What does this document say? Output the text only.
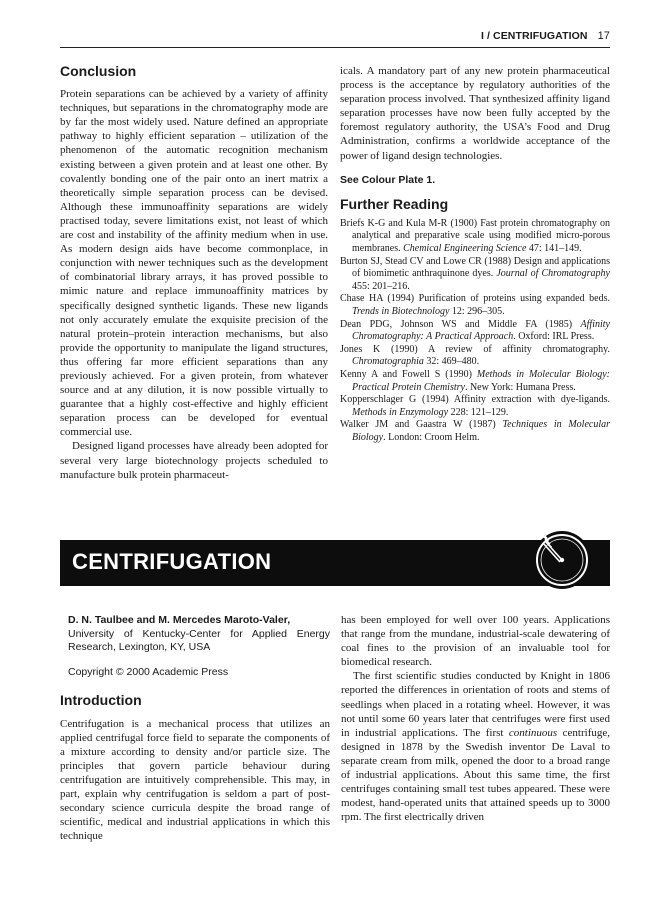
I / CENTRIFUGATION 17
Conclusion

Protein separations can be achieved by a variety of affinity techniques, but separations in the chromatography mode are by far the most widely used. Nature defined an appropriate pathway to highly efficient separation – utilization of the phenomenon of the automatic recognition mechanism existing between a given protein and at least one other. By covalently bonding one of the pair onto an inert matrix a theoretically simple separation process can be devised. Although these immunoaffinity separations are widely practised today, severe limitations exist, not least of which are cost and instability of the affinity medium when in use. As modern design aids have become commonplace, in conjunction with newer techniques such as the development of combinatorial library arrays, it has proved possible to mimic nature and replace immunoaffinity matrices by specifically designed synthetic ligands. These new ligands not only accurately emulate the exquisite precision of the natural protein–protein interaction mechanisms, but also provide the opportunity to manipulate the ligand structures, thus offering far more efficient separations than any previously achieved. For a given protein, from whatever source and at any dilution, it is now possible virtually to guarantee that a highly cost-effective and highly efficient separation process can be developed for eventual commercial use.

Designed ligand processes have already been adopted for several very large biotechnology projects scheduled to manufacture bulk protein pharmaceut-

icals. A mandatory part of any new protein pharmaceutical process is the acceptance by regulatory authorities of the separation process involved. That synthesized affinity ligand separation processes have now been fully accepted by the foremost regulatory authority, the USA’s Food and Drug Administration, confirms a worldwide acceptance of the power of ligand design technologies.

See Colour Plate 1.
Further Reading
Briefs K-G and Kula M-R (1900) Fast protein chromatography on analytical and preparative scale using modified micro-porous membranes. Chemical Engineering Science 47: 141–149.
Burton SJ, Stead CV and Lowe CR (1988) Design and applications of biomimetic anthraquinone dyes. Journal of Chromatography 455: 201–216.
Chase HA (1994) Purification of proteins using expanded beds. Trends in Biotechnology 12: 296–305.
Dean PDG, Johnson WS and Middle FA (1985) Affinity Chromatography: A Practical Approach. Oxford: IRL Press.
Jones K (1990) A review of affinity chromatography. Chromatographia 32: 469–480.
Kenny A and Fowell S (1990) Methods in Molecular Biology: Practical Protein Chemistry. New York: Humana Press.
Kopperschlager G (1994) Affinity extraction with dye-ligands. Methods in Enzymology 228: 121–129.
Walker JM and Gaastra W (1987) Techniques in Molecular Biology. London: Croom Helm.
CENTRIFUGATION
D. N. Taulbee and M. Mercedes Maroto-Valer,
University of Kentucky-Center for Applied Energy Research, Lexington, KY, USA
Copyright © 2000 Academic Press
Introduction

Centrifugation is a mechanical process that utilizes an applied centrifugal force field to separate the components of a mixture according to density and/or particle size. The principles that govern particle behaviour during centrifugation are intuitively comprehensible. This may, in part, explain why centrifugation is seldom a part of post-secondary science curricula despite the broad range of scientific, medical and industrial applications in which this technique

has been employed for well over 100 years. Applications that range from the mundane, industrial-scale dewatering of coal fines to the provision of an invaluable tool for biomedical research.

The first scientific studies conducted by Knight in 1806 reported the differences in orientation of roots and stems of seedlings when placed in a rotating wheel. However, it was not until some 60 years later that centrifuges were first used in industrial applications. The first continuous centrifuge, designed in 1878 by the Swedish inventor De Laval to separate cream from milk, opened the door to a broad range of industrial applications. About this same time, the first centrifuges containing small test tubes appeared. These were modest, hand-operated units that attained speeds up to 3000 rpm. The first electrically driven
